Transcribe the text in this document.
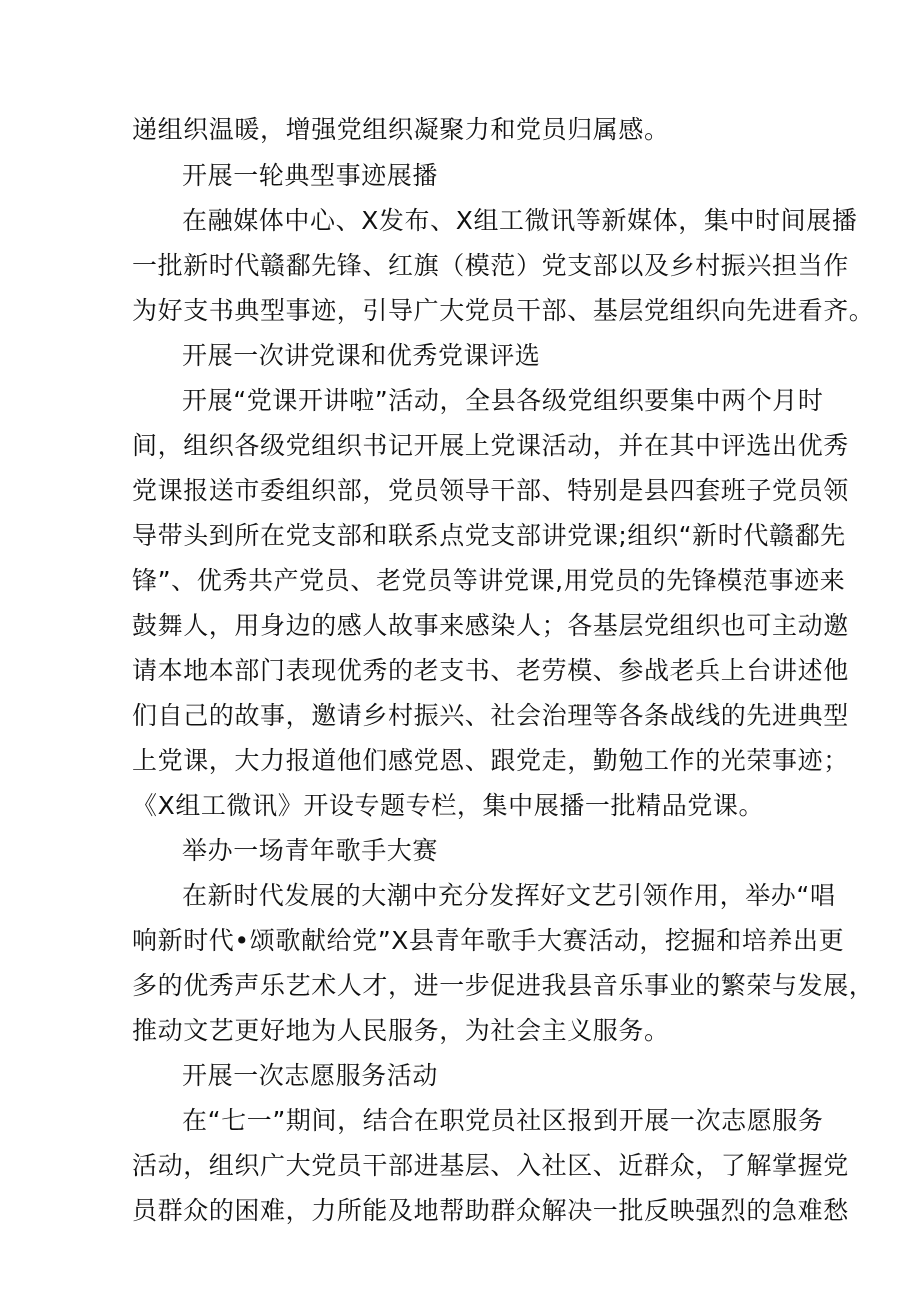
递组织温暖，增强党组织凝聚力和党员归属感。
开展一轮典型事迹展播
在融媒体中心、X发布、X组工微讯等新媒体，集中时间展播
一批新时代赣鄱先锋、红旗（模范）党支部以及乡村振兴担当作
为好支书典型事迹，引导广大党员干部、基层党组织向先进看齐。
开展一次讲党课和优秀党课评选
开展“党课开讲啦”活动，全县各级党组织要集中两个月时
间，组织各级党组织书记开展上党课活动，并在其中评选出优秀
党课报送市委组织部，党员领导干部、特别是县四套班子党员领
导带头到所在党支部和联系点党支部讲党课;组织“新时代赣鄱先
锋”、优秀共产党员、老党员等讲党课,用党员的先锋模范事迹来
鼓舞人，用身边的感人故事来感染人；各基层党组织也可主动邀
请本地本部门表现优秀的老支书、老劳模、参战老兵上台讲述他
们自己的故事，邀请乡村振兴、社会治理等各条战线的先进典型
上党课，大力报道他们感党恩、跟党走，勤勉工作的光荣事迹；
《X组工微讯》开设专题专栏，集中展播一批精品党课。
举办一场青年歌手大赛
在新时代发展的大潮中充分发挥好文艺引领作用，举办“唱
响新时代•颂歌献给党”X县青年歌手大赛活动，挖掘和培养出更
多的优秀声乐艺术人才，进一步促进我县音乐事业的繁荣与发展，
推动文艺更好地为人民服务，为社会主义服务。
开展一次志愿服务活动
在“七一”期间，结合在职党员社区报到开展一次志愿服务
活动，组织广大党员干部进基层、入社区、近群众，了解掌握党
员群众的困难，力所能及地帮助群众解决一批反映强烈的急难愁
